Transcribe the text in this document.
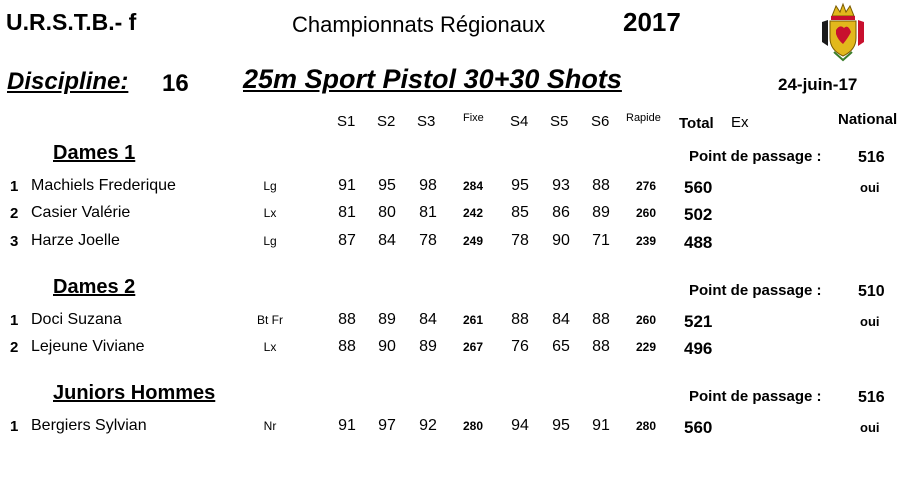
U.R.S.T.B.- f	Championnats Régionaux	2017
Discipline: 16 25m Sport Pistol 30+30 Shots	24-juin-17
S1 S2 S3	Fixe S4 S5 S6 Rapide Total Ex	National
Dames 1	Point de passage : 516
1 Machiels Frederique	Lg	91	95	98	284	95	93	88	276	560	oui
2 Casier Valérie	Lx	81	80	81	242	85	86	89	260	502
3 Harze Joelle	Lg	87	84	78	249	78	90	71	239	488
Dames 2	Point de passage : 510
1 Doci Suzana	Bt Fr	88	89	84	261	88	84	88	260	521	oui
2 Lejeune Viviane	Lx	88	90	89	267	76	65	88	229	496
Juniors Hommes	Point de passage : 516
1 Bergiers Sylvian	Nr	91	97	92	280	94	95	91	280	560	oui
